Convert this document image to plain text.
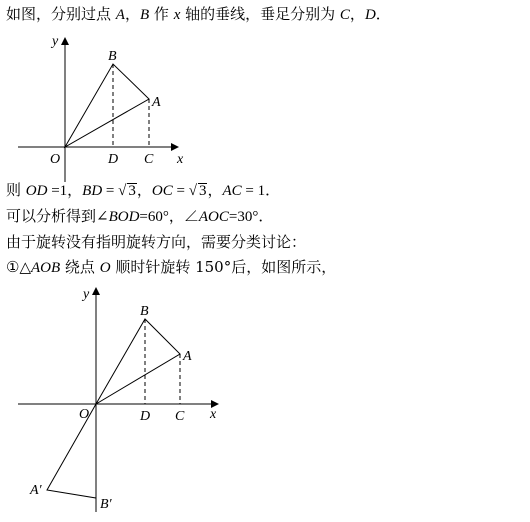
如图，分别过点 A，B 作 x 轴的垂线，垂足分别为 C，D．
则 OD =1，BD = √ 3，OC = √ 3，AC = 1．
可以分析得到∠BOD=60°，∠AOC=30°．
由于旋转没有指明旋转方向，需要分类讨论：
①△AOB 绕点 O 顺时针旋转 150°后，如图所示，
y
x
O
B
A
D C
y
x
O
B
A
D C
A′
B′
